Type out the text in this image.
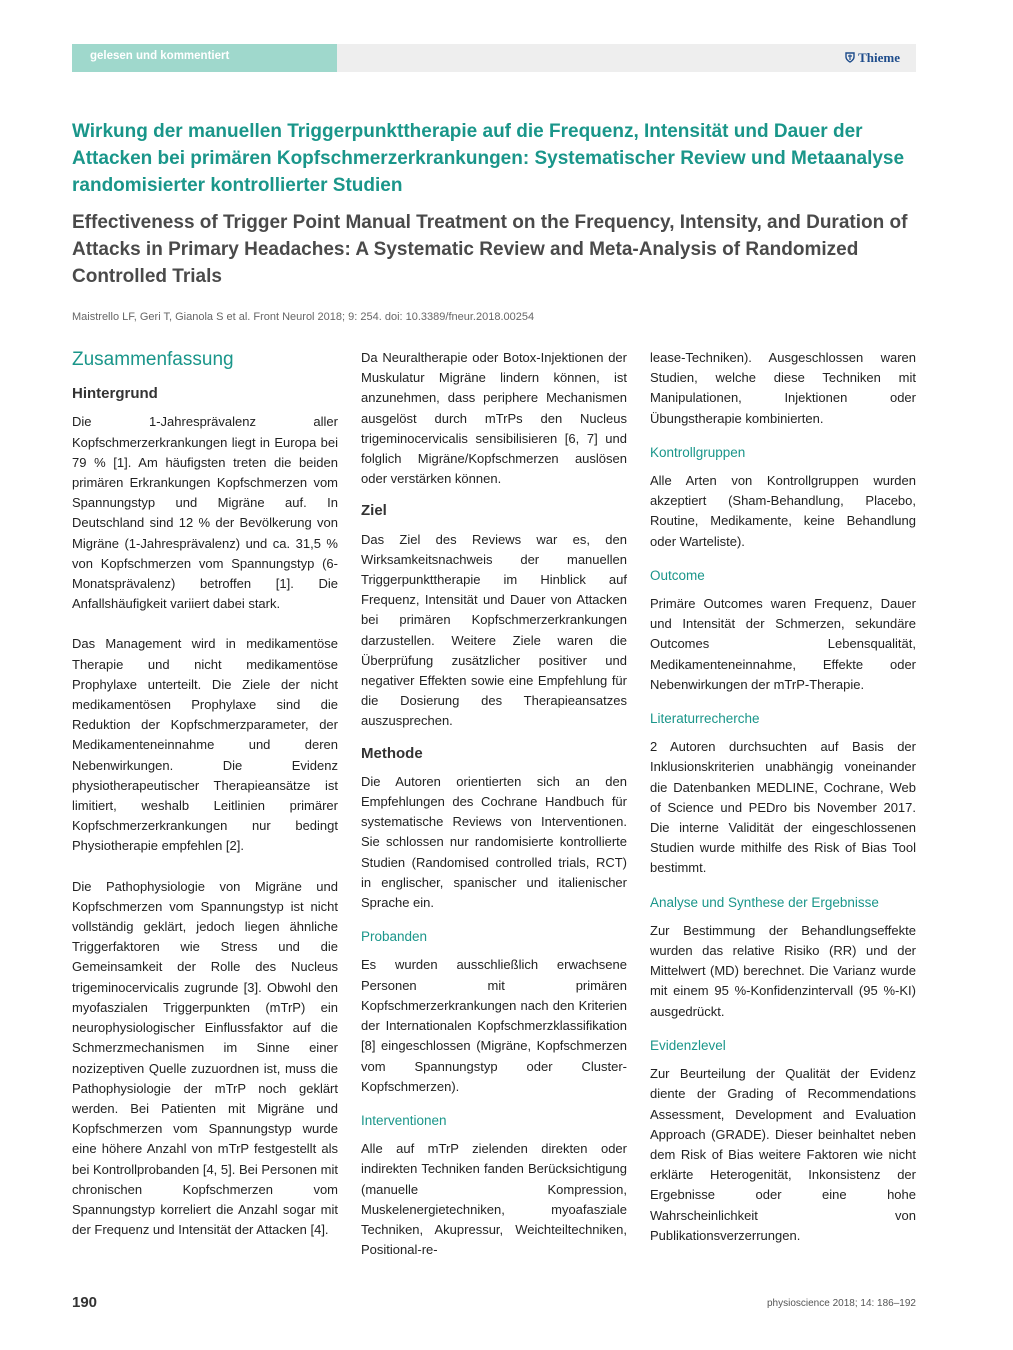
gelesen und kommentiert	Thieme
Wirkung der manuellen Triggerpunkttherapie auf die Frequenz, Intensität und Dauer der Attacken bei primären Kopfschmerzerkrankungen: Systematischer Review und Metaanalyse randomisierter kontrollierter Studien
Effectiveness of Trigger Point Manual Treatment on the Frequency, Intensity, and Duration of Attacks in Primary Headaches: A Systematic Review and Meta-Analysis of Randomized Controlled Trials
Maistrello LF, Geri T, Gianola S et al. Front Neurol 2018; 9: 254. doi: 10.3389/fneur.2018.00254
Zusammenfassung
Hintergrund

Die 1-Jahresprävalenz aller Kopfschmerzerkrankungen liegt in Europa bei 79 % [1]. Am häufigsten treten die beiden primären Erkrankungen Kopfschmerzen vom Spannungstyp und Migräne auf. In Deutschland sind 12 % der Bevölkerung von Migräne (1-Jahresprävalenz) und ca. 31,5 % von Kopfschmerzen vom Spannungstyp (6-Monatsprävalenz) betroffen [1]. Die Anfallshäufigkeit variiert dabei stark.

Das Management wird in medikamentöse Therapie und nicht medikamentöse Prophylaxe unterteilt. Die Ziele der nicht medikamentösen Prophylaxe sind die Reduktion der Kopfschmerzparameter, der Medikamenteneinnahme und deren Nebenwirkungen. Die Evidenz physiotherapeutischer Therapieansätze ist limitiert, weshalb Leitlinien primärer Kopfschmerzerkrankungen nur bedingt Physiotherapie empfehlen [2].

Die Pathophysiologie von Migräne und Kopfschmerzen vom Spannungstyp ist nicht vollständig geklärt, jedoch liegen ähnliche Triggerfaktoren wie Stress und die Gemeinsamkeit der Rolle des Nucleus trigeminocervicalis zugrunde [3]. Obwohl den myofaszialen Triggerpunkten (mTrP) ein neurophysiologischer Einflussfaktor auf die Schmerzmechanismen im Sinne einer nozizeptiven Quelle zuzuordnen ist, muss die Pathophysiologie der mTrP noch geklärt werden. Bei Patienten mit Migräne und Kopfschmerzen vom Spannungstyp wurde eine höhere Anzahl von mTrP festgestellt als bei Kontrollprobanden [4, 5]. Bei Personen mit chronischen Kopfschmerzen vom Spannungstyp korreliert die Anzahl sogar mit der Frequenz und Intensität der Attacken [4].

Da Neuraltherapie oder Botox-Injektionen der Muskulatur Migräne lindern können, ist anzunehmen, dass periphere Mechanismen ausgelöst durch mTrPs den Nucleus trigeminocervicalis sensibilisieren [6, 7] und folglich Migräne/Kopfschmerzen auslösen oder verstärken können.

Ziel

Das Ziel des Reviews war es, den Wirksamkeitsnachweis der manuellen Triggerpunkttherapie im Hinblick auf Frequenz, Intensität und Dauer von Attacken bei primären Kopfschmerzerkrankungen darzustellen. Weitere Ziele waren die Überprüfung zusätzlicher positiver und negativer Effekten sowie eine Empfehlung für die Dosierung des Therapieansatzes auszusprechen.

Methode

Die Autoren orientierten sich an den Empfehlungen des Cochrane Handbuch für systematische Reviews von Interventionen. Sie schlossen nur randomisierte kontrollierte Studien (Randomised controlled trials, RCT) in englischer, spanischer und italienischer Sprache ein.

Probanden

Es wurden ausschließlich erwachsene Personen mit primären Kopfschmerzerkrankungen nach den Kriterien der Internationalen Kopfschmerzklassifikation [8] eingeschlossen (Migräne, Kopfschmerzen vom Spannungstyp oder Cluster-Kopfschmerzen).

Interventionen

Alle auf mTrP zielenden direkten oder indirekten Techniken fanden Berücksichtigung (manuelle Kompression, Muskelenergietechniken, myoafasziale Techniken, Akupressur, Weichteiltechniken, Positional-re-

lease-Techniken). Ausgeschlossen waren Studien, welche diese Techniken mit Manipulationen, Injektionen oder Übungstherapie kombinierten.

Kontrollgruppen

Alle Arten von Kontrollgruppen wurden akzeptiert (Sham-Behandlung, Placebo, Routine, Medikamente, keine Behandlung oder Warteliste).

Outcome

Primäre Outcomes waren Frequenz, Dauer und Intensität der Schmerzen, sekundäre Outcomes Lebensqualität, Medikamenteneinnahme, Effekte oder Nebenwirkungen der mTrP-Therapie.

Literaturrecherche

2 Autoren durchsuchten auf Basis der Inklusionskriterien unabhängig voneinander die Datenbanken MEDLINE, Cochrane, Web of Science und PEDro bis November 2017. Die interne Validität der eingeschlossenen Studien wurde mithilfe des Risk of Bias Tool bestimmt.

Analyse und Synthese der Ergebnisse

Zur Bestimmung der Behandlungseffekte wurden das relative Risiko (RR) und der Mittelwert (MD) berechnet. Die Varianz wurde mit einem 95 %-Konfidenzintervall (95 %-KI) ausgedrückt.

Evidenzlevel

Zur Beurteilung der Qualität der Evidenz diente der Grading of Recommendations Assessment, Development and Evaluation Approach (GRADE). Dieser beinhaltet neben dem Risk of Bias weitere Faktoren wie nicht erklärte Heterogenität, Inkonsistenz der Ergebnisse oder eine hohe Wahrscheinlichkeit von Publikationsverzerrungen.

190	physioscience 2018; 14: 186–192
